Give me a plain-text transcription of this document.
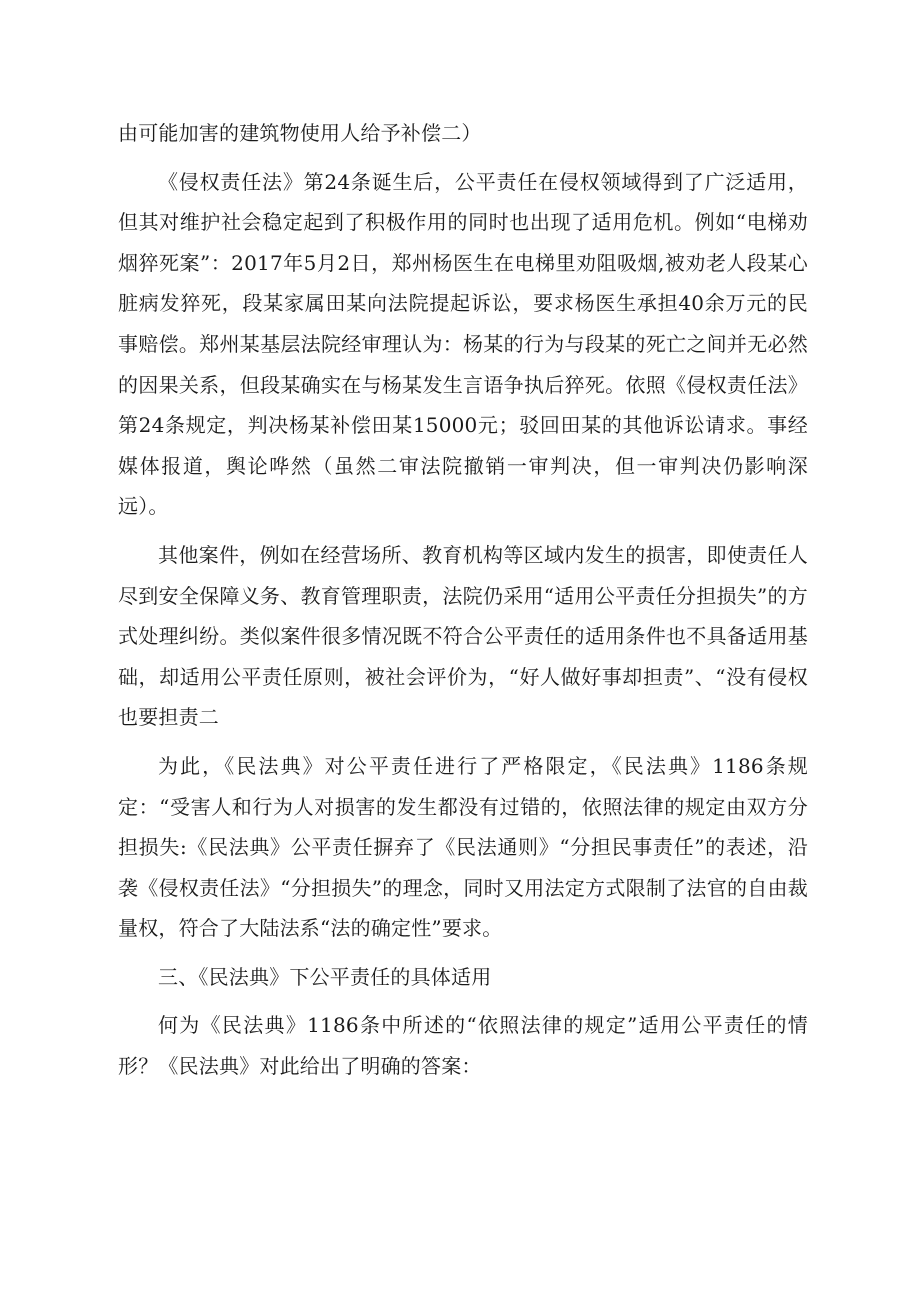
由可能加害的建筑物使用人给予补偿二）

《侵权责任法》第24条诞生后，公平责任在侵权领域得到了广泛适用，但其对维护社会稳定起到了积极作用的同时也出现了适用危机。例如“电梯劝烟猝死案”：2017年5月2日，郑州杨医生在电梯里劝阻吸烟,被劝老人段某心脏病发猝死，段某家属田某向法院提起诉讼，要求杨医生承担40余万元的民事赔偿。郑州某基层法院经审理认为：杨某的行为与段某的死亡之间并无必然的因果关系，但段某确实在与杨某发生言语争执后猝死。依照《侵权责任法》第24条规定，判决杨某补偿田某15000元；驳回田某的其他诉讼请求。事经媒体报道，舆论哗然（虽然二审法院撤销一审判决，但一审判决仍影响深远）。

其他案件，例如在经营场所、教育机构等区域内发生的损害，即使责任人尽到安全保障义务、教育管理职责，法院仍采用“适用公平责任分担损失”的方式处理纠纷。类似案件很多情况既不符合公平责任的适用条件也不具备适用基础，却适用公平责任原则，被社会评价为，“好人做好事却担责”、“没有侵权也要担责二

为此，《民法典》对公平责任进行了严格限定，《民法典》1186条规定：“受害人和行为人对损害的发生都没有过错的，依照法律的规定由双方分担损失:《民法典》公平责任摒弃了《民法通则》“分担民事责任”的表述，沿袭《侵权责任法》“分担损失”的理念，同时又用法定方式限制了法官的自由裁量权，符合了大陆法系“法的确定性”要求。

三、《民法典》下公平责任的具体适用

何为《民法典》1186条中所述的“依照法律的规定”适用公平责任的情形？《民法典》对此给出了明确的答案：
